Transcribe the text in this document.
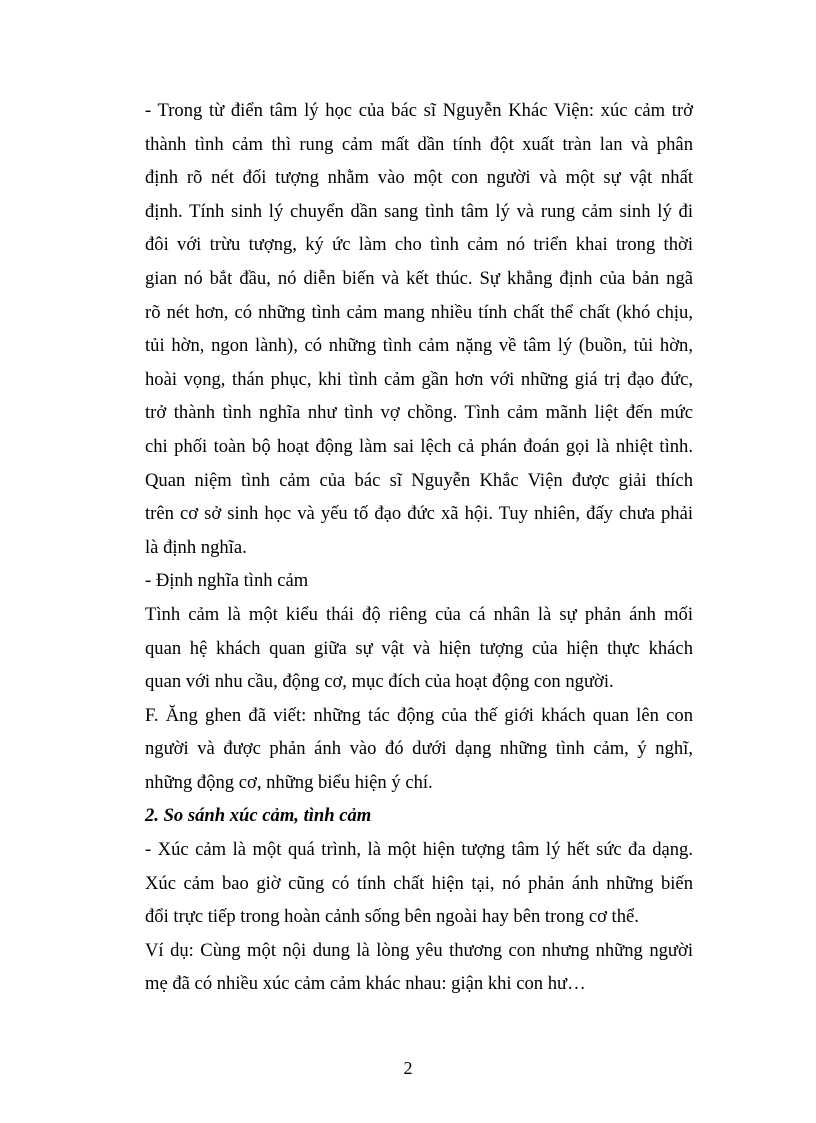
- Trong từ điển tâm lý học của bác sĩ Nguyễn Khác Viện: xúc cảm trở
thành tình cảm thì rung cảm mất dần tính đột xuất tràn lan và phân
định rõ nét đối tượng nhằm vào một con người và một sự vật nhất
định. Tính sinh lý chuyển dần sang tình tâm lý và rung cảm sinh lý đi
đôi với trừu tượng, ký ức làm cho tình cảm nó triển khai trong thời
gian nó bắt đầu, nó diễn biến và kết thúc. Sự khẳng định của bản ngã
rõ nét hơn, có những tình cảm mang nhiều tính chất thể chất (khó chịu,
tủi hờn, ngon lành), có những tình cảm nặng về tâm lý (buồn, tủi hờn,
hoài vọng, thán phục, khi tình cảm gần hơn với những giá trị đạo đức,
trở thành tình nghĩa như tình vợ chồng. Tình cảm mãnh liệt đến mức
chi phối toàn bộ hoạt động làm sai lệch cả phán đoán gọi là nhiệt tình.
Quan niệm tình cảm của bác sĩ Nguyễn Khắc Viện được giải thích
trên cơ sở sinh học và yếu tố đạo đức xã hội. Tuy nhiên, đấy chưa phải
là định nghĩa.
- Định nghĩa tình cảm
Tình cảm là một kiểu thái độ riêng của cá nhân là sự phản ánh mối
quan hệ khách quan giữa sự vật và hiện tượng của hiện thực khách
quan với nhu cầu, động cơ, mục đích của hoạt động con người.
F. Ăng ghen đã viết: những tác động của thế giới khách quan lên con
người và được phản ánh vào đó dưới dạng những tình cảm, ý nghĩ,
những động cơ, những biểu hiện ý chí.
2. So sánh xúc cảm, tình cảm
- Xúc cảm là một quá trình, là một hiện tượng tâm lý hết sức đa dạng.
Xúc cảm bao giờ cũng có tính chất hiện tại, nó phản ánh những biến
đổi trực tiếp trong hoàn cảnh sống bên ngoài hay bên trong cơ thể.
Ví dụ: Cùng một nội dung là lòng yêu thương con nhưng những người
mẹ đã có nhiều xúc cảm cảm khác nhau: giận khi con hư…
2
